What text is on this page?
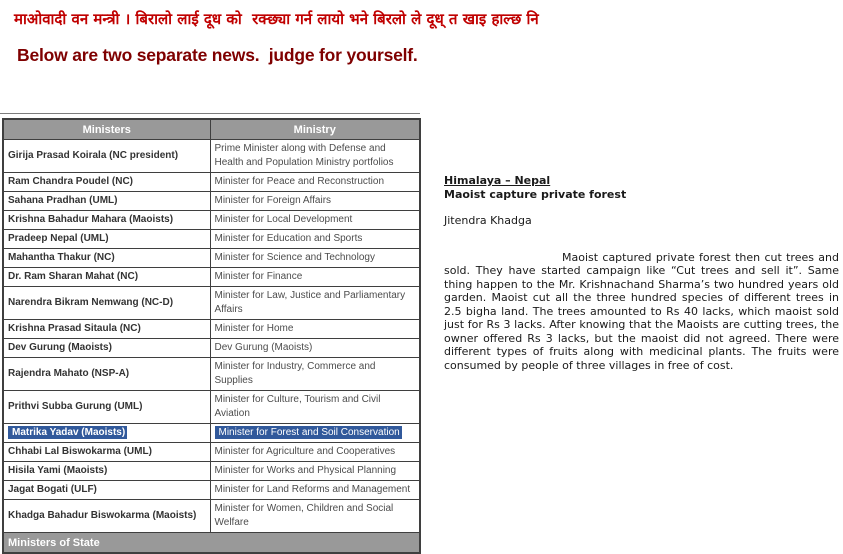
माओवादी वन मन्त्री । बिरालो लाई दूध को  रक्छ्या गर्न लायो भने बिरलो ले दूध् त खाइ हाल्छ नि
Below are two separate news.  judge for yourself.
Ministers	Ministry
Girija Prasad Koirala (NC president)	Prime Minister along with Defense and Health and Population Ministry portfolios
Ram Chandra Poudel (NC)	Minister for Peace and Reconstruction
Sahana Pradhan (UML)	Minister for Foreign Affairs
Krishna Bahadur Mahara (Maoists)	Minister for Local Development
Pradeep Nepal (UML)	Minister for Education and Sports
Mahantha Thakur (NC)	Minister for Science and Technology
Dr. Ram Sharan Mahat (NC)	Minister for Finance
Narendra Bikram Nemwang (NC-D)	Minister for Law, Justice and Parliamentary Affairs
Krishna Prasad Sitaula (NC)	Minister for Home
Dev Gurung (Maoists)	Dev Gurung (Maoists)
Rajendra Mahato (NSP-A)	Minister for Industry, Commerce and Supplies
Prithvi Subba Gurung (UML)	Minister for Culture, Tourism and Civil Aviation
Matrika Yadav (Maoists)	Minister for Forest and Soil Conservation
Chhabi Lal Biswokarma (UML)	Minister for Agriculture and Cooperatives
Hisila Yami (Maoists)	Minister for Works and Physical Planning
Jagat Bogati (ULF)	Minister for Land Reforms and Management
Khadga Bahadur Biswokarma (Maoists)	Minister for Women, Children and Social Welfare
Ministers of State	
Himalaya – Nepal
Maoist capture private forest
Jitendra Khadga
Maoist captured private forest then cut trees and sold. They have started campaign like “Cut trees and sell it”. Same thing happen to the Mr. Krishnachand Sharma’s two hundred years old garden. Maoist cut all the three hundred species of different trees in 2.5 bigha land. The trees amounted to Rs 40 lacks, which maoist sold just for Rs 3 lacks. After knowing that the Maoists are cutting trees, the owner offered Rs 3 lacks, but the maoist did not agreed. There were different types of fruits along with medicinal plants. The fruits were consumed by people of three villages in free of cost.
